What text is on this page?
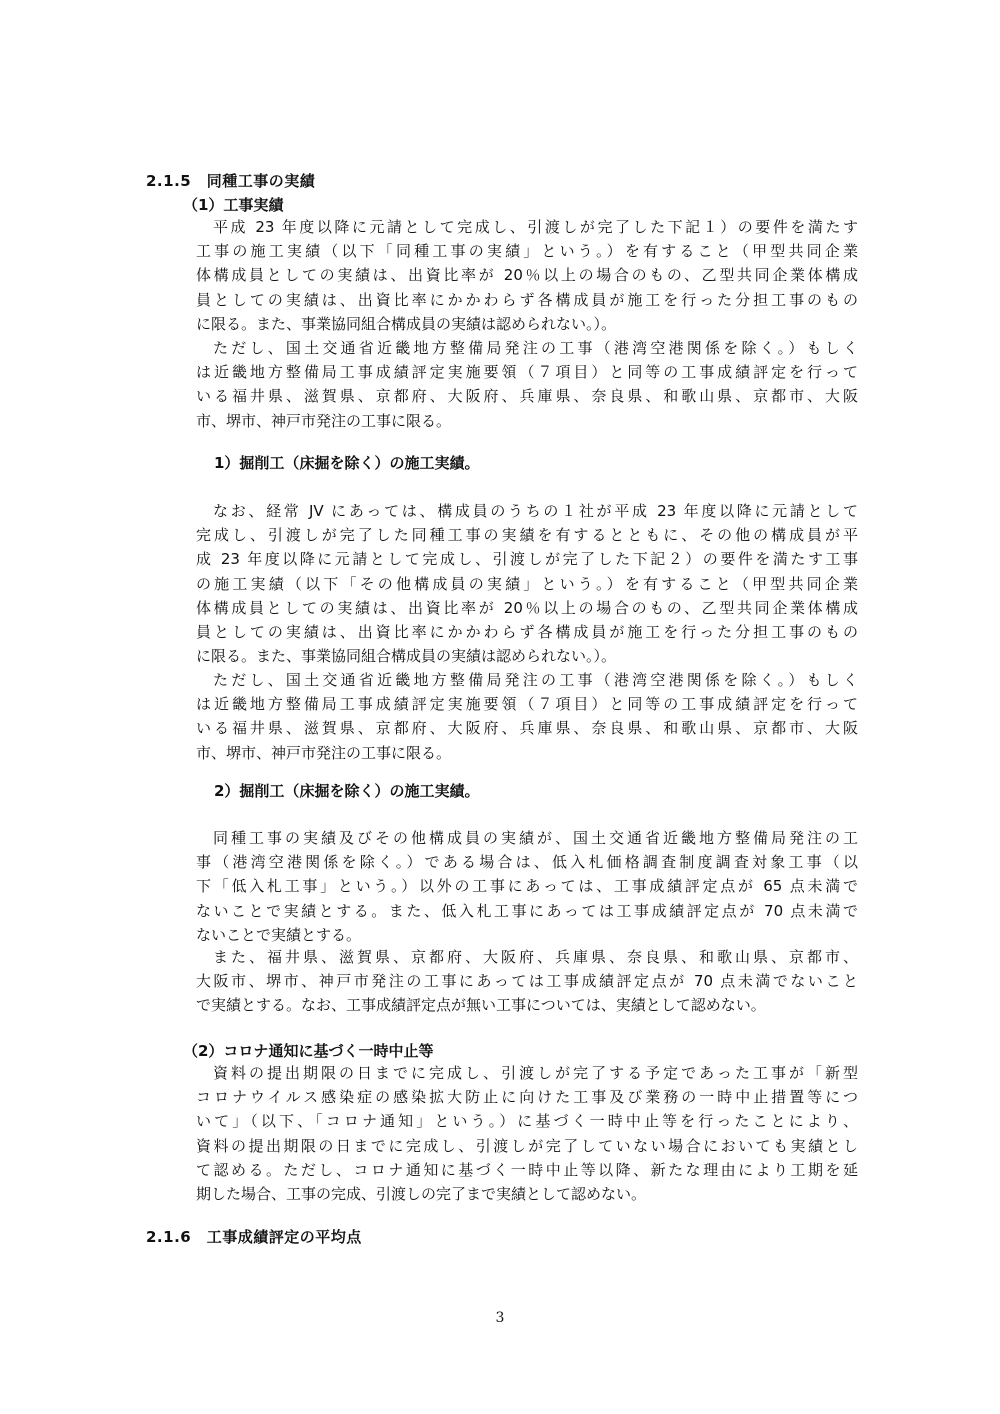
2.1.5　同種工事の実績
（1）工事実績
平成 23 年度以降に元請として完成し、引渡しが完了した下記１）の要件を満たす
工事の施工実績（以下「同種工事の実績」という。）を有すること（甲型共同企業
体構成員としての実績は、出資比率が 20％以上の場合のもの、乙型共同企業体構成
員としての実績は、出資比率にかかわらず各構成員が施工を行った分担工事のもの
に限る。また、事業協同組合構成員の実績は認められない。）。
ただし、国土交通省近畿地方整備局発注の工事（港湾空港関係を除く。）もしく
は近畿地方整備局工事成績評定実施要領（７項目）と同等の工事成績評定を行って
いる福井県、滋賀県、京都府、大阪府、兵庫県、奈良県、和歌山県、京都市、大阪
市、堺市、神戸市発注の工事に限る。
1）掘削工（床掘を除く）の施工実績。
なお、経常 JV にあっては、構成員のうちの１社が平成 23 年度以降に元請として
完成し、引渡しが完了した同種工事の実績を有するとともに、その他の構成員が平
成 23 年度以降に元請として完成し、引渡しが完了した下記２）の要件を満たす工事
の施工実績（以下「その他構成員の実績」という。）を有すること（甲型共同企業
体構成員としての実績は、出資比率が 20％以上の場合のもの、乙型共同企業体構成
員としての実績は、出資比率にかかわらず各構成員が施工を行った分担工事のもの
に限る。また、事業協同組合構成員の実績は認められない。）。
ただし、国土交通省近畿地方整備局発注の工事（港湾空港関係を除く。）もしく
は近畿地方整備局工事成績評定実施要領（７項目）と同等の工事成績評定を行って
いる福井県、滋賀県、京都府、大阪府、兵庫県、奈良県、和歌山県、京都市、大阪
市、堺市、神戸市発注の工事に限る。
2）掘削工（床掘を除く）の施工実績。
同種工事の実績及びその他構成員の実績が、国土交通省近畿地方整備局発注の工
事（港湾空港関係を除く。）である場合は、低入札価格調査制度調査対象工事（以
下「低入札工事」という。）以外の工事にあっては、工事成績評定点が 65 点未満で
ないことで実績とする。また、低入札工事にあっては工事成績評定点が 70 点未満で
ないことで実績とする。
また、福井県、滋賀県、京都府、大阪府、兵庫県、奈良県、和歌山県、京都市、
大阪市、堺市、神戸市発注の工事にあっては工事成績評定点が 70 点未満でないこと
で実績とする。なお、工事成績評定点が無い工事については、実績として認めない。
（2）コロナ通知に基づく一時中止等
資料の提出期限の日までに完成し、引渡しが完了する予定であった工事が「新型
コロナウイルス感染症の感染拡大防止に向けた工事及び業務の一時中止措置等につ
いて」（以下、「コロナ通知」という。）に基づく一時中止等を行ったことにより、
資料の提出期限の日までに完成し、引渡しが完了していない場合においても実績とし
て認める。ただし、コロナ通知に基づく一時中止等以降、新たな理由により工期を延
期した場合、工事の完成、引渡しの完了まで実績として認めない。
2.1.6　工事成績評定の平均点
3
